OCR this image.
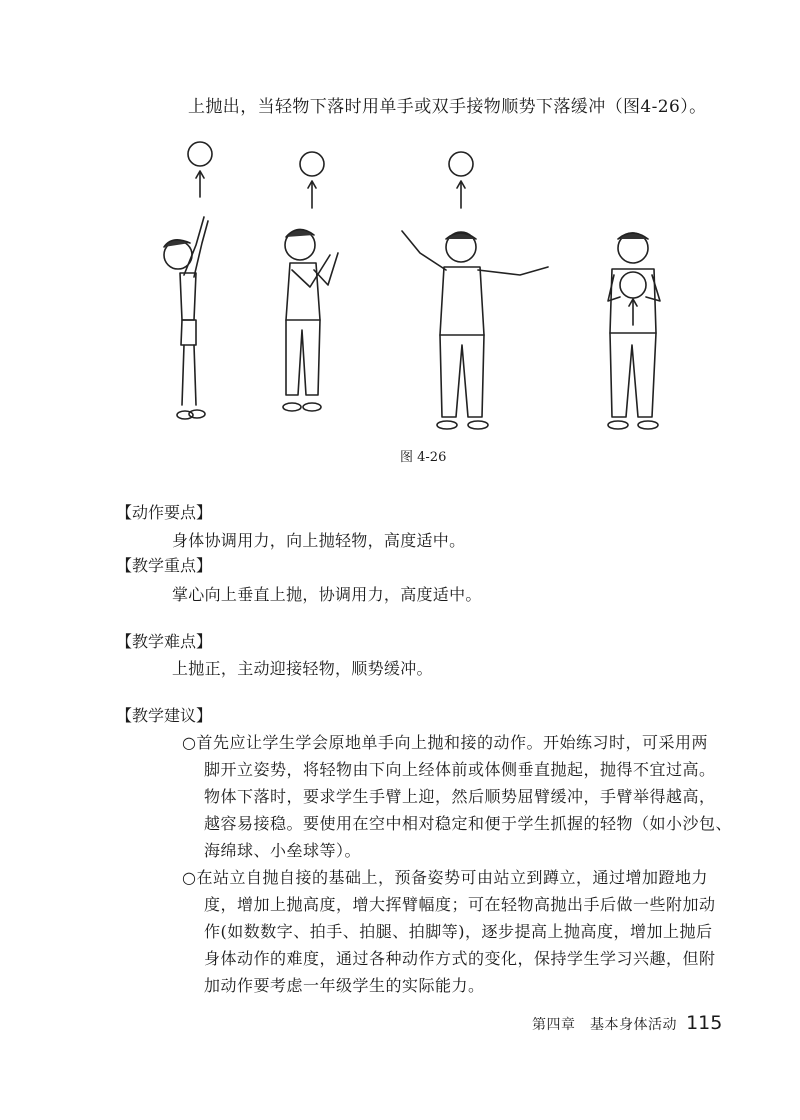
上抛出，当轻物下落时用单手或双手接物顺势下落缓冲（图4-26）。

图 4-26

【动作要点】

身体协调用力，向上抛轻物，高度适中。

【教学重点】

掌心向上垂直上抛，协调用力，高度适中。

【教学难点】

上抛正，主动迎接轻物，顺势缓冲。

【教学建议】

○首先应让学生学会原地单手向上抛和接的动作。开始练习时，可采用两

脚开立姿势，将轻物由下向上经体前或体侧垂直抛起，抛得不宜过高。

物体下落时，要求学生手臂上迎，然后顺势屈臂缓冲，手臂举得越高，

越容易接稳。要使用在空中相对稳定和便于学生抓握的轻物（如小沙包、

海绵球、小垒球等）。

○在站立自抛自接的基础上，预备姿势可由站立到蹲立，通过增加蹬地力

度，增加上抛高度，增大挥臂幅度；可在轻物高抛出手后做一些附加动

作(如数数字、拍手、拍腿、拍脚等)，逐步提高上抛高度，增加上抛后

身体动作的难度，通过各种动作方式的变化，保持学生学习兴趣，但附

加动作要考虑一年级学生的实际能力。

第四章　基本身体活动 115
